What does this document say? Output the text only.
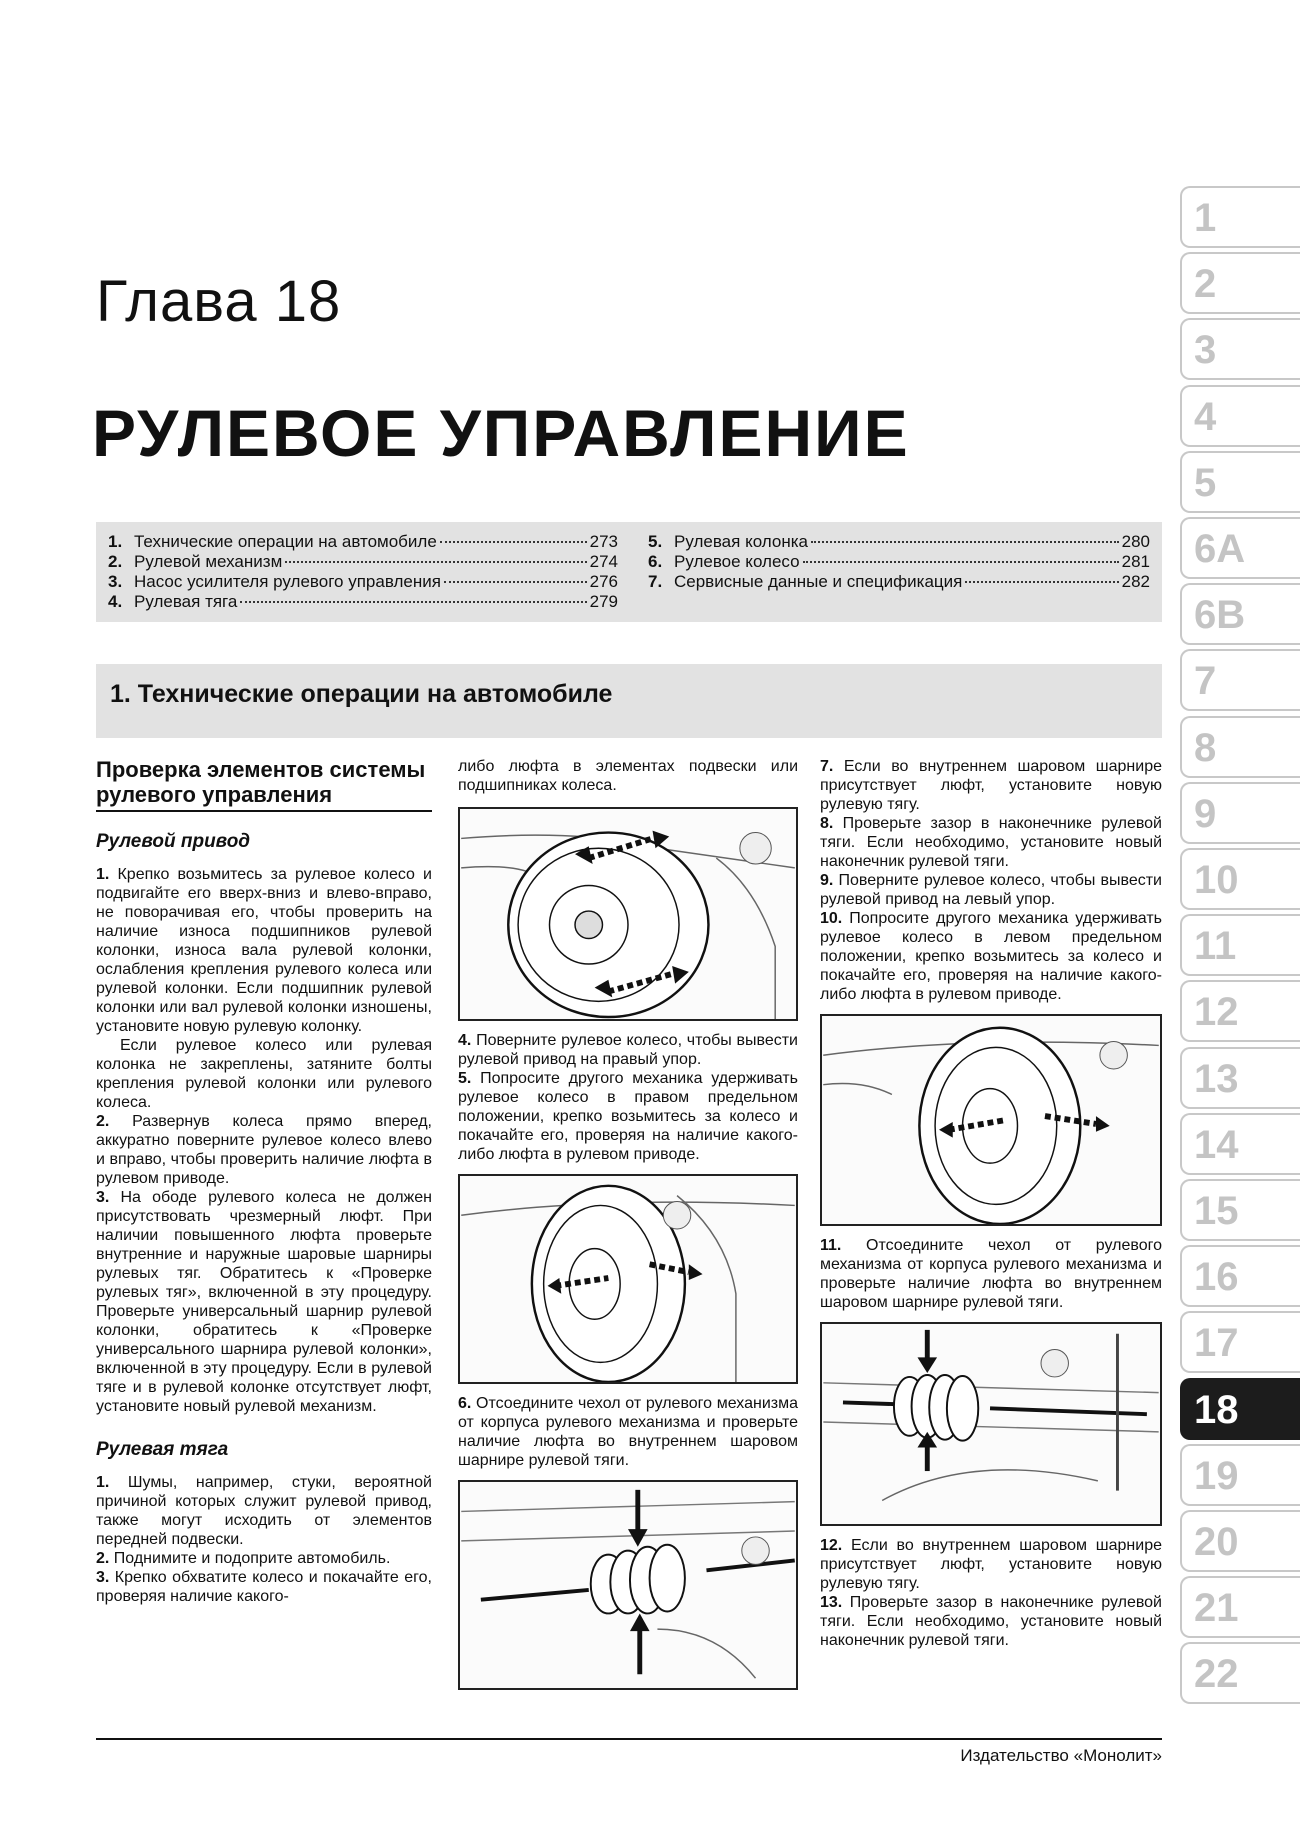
Глава 18
РУЛЕВОЕ УПРАВЛЕНИЕ
1. Технические операции на автомобиле	273
2. Рулевой механизм	274
3. Насос усилителя рулевого управления	276
4. Рулевая тяга	279
5. Рулевая колонка	280
6. Рулевое колесо	281
7. Сервисные данные и спецификация	282
1. Технические операции на автомобиле
1
2
3
4
5
6A
6B
7
8
9
10
11
12
13
14
15
16
17
18
19
20
21
22
Проверка элементов системы рулевого управления
Рулевой привод

1. Крепко возьмитесь за рулевое колесо и подвигайте его вверх-вниз и влево-вправо, не поворачивая его, чтобы проверить на наличие износа подшипников рулевой колонки, износа вала рулевой колонки, ослабления крепления рулевого колеса или рулевой колонки. Если подшипник рулевой колонки или вал рулевой колонки изношены, установите новую рулевую колонку.

Если рулевое колесо или рулевая колонка не закреплены, затяните болты крепления рулевой колонки или рулевого колеса.

2. Развернув колеса прямо вперед, аккуратно поверните рулевое колесо влево и вправо, чтобы проверить наличие люфта в рулевом приводе.

3. На ободе рулевого колеса не должен присутствовать чрезмерный люфт. При наличии повышенного люфта проверьте внутренние и наружные шаровые шарниры рулевых тяг. Обратитесь к «Проверке рулевых тяг», включенной в эту процедуру. Проверьте универсальный шарнир рулевой колонки, обратитесь к «Проверке универсального шарнира рулевой колонки», включенной в эту процедуру. Если в рулевой тяге и в рулевой колонке отсутствует люфт, установите новый рулевой механизм.

Рулевая тяга

1. Шумы, например, стуки, вероятной причиной которых служит рулевой привод, также могут исходить от элементов передней подвески.

2. Поднимите и подоприте автомобиль.

3. Крепко обхватите колесо и покачайте его, проверяя наличие какого-

либо люфта в элементах подвески или подшипниках колеса.

4. Поверните рулевое колесо, чтобы вывести рулевой привод на правый упор.

5. Попросите другого механика удерживать рулевое колесо в правом предельном положении, крепко возьмитесь за колесо и покачайте его, проверяя на наличие какого-либо люфта в рулевом приводе.

6. Отсоедините чехол от рулевого механизма от корпуса рулевого механизма и проверьте наличие люфта во внутреннем шаровом шарнире рулевой тяги.

7. Если во внутреннем шаровом шарнире присутствует люфт, установите новую рулевую тягу.

8. Проверьте зазор в наконечнике рулевой тяги. Если необходимо, установите новый наконечник рулевой тяги.

9. Поверните рулевое колесо, чтобы вывести рулевой привод на левый упор.

10. Попросите другого механика удерживать рулевое колесо в левом предельном положении, крепко возьмитесь за колесо и покачайте его, проверяя на наличие какого-либо люфта в рулевом приводе.

11. Отсоедините чехол от рулевого механизма от корпуса рулевого механизма и проверьте наличие люфта во внутреннем шаровом шарнире рулевой тяги.

12. Если во внутреннем шаровом шарнире присутствует люфт, установите новую рулевую тягу.

13. Проверьте зазор в наконечнике рулевой тяги. Если необходимо, установите новый наконечник рулевой тяги.

Издательство «Монолит»
